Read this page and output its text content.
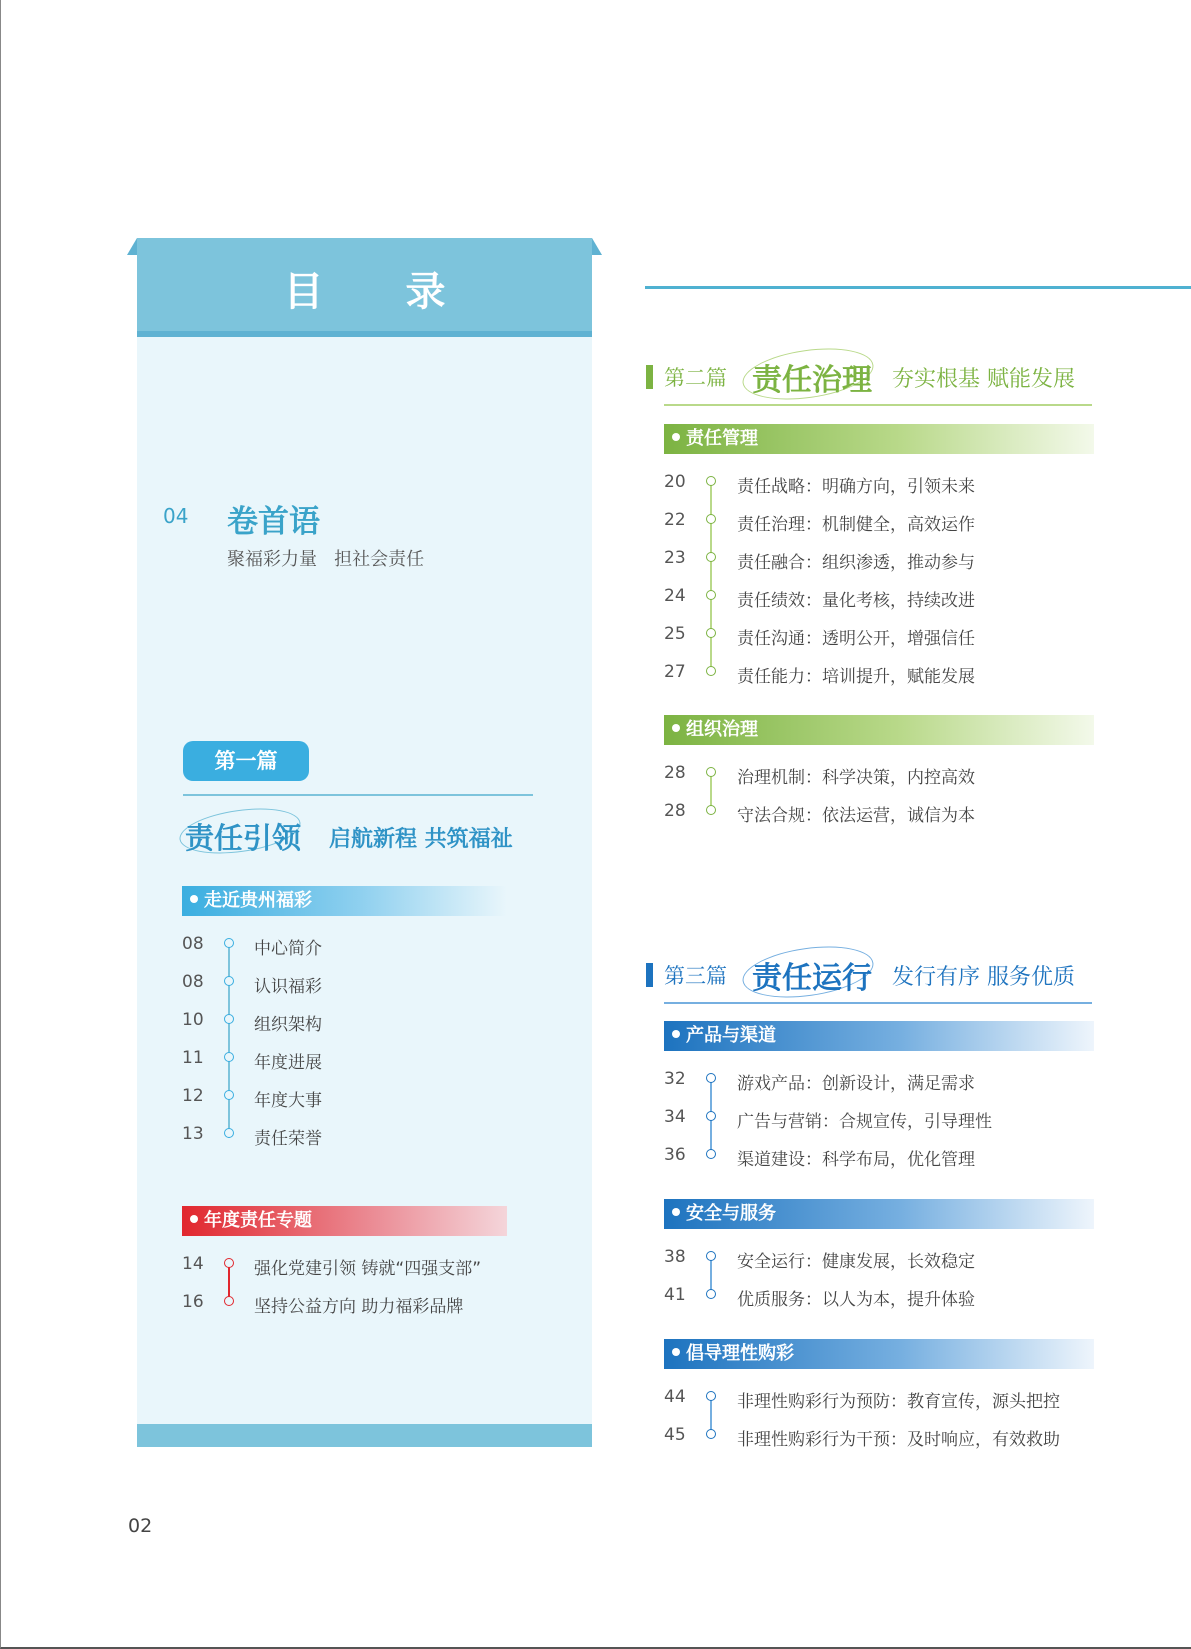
目 录
04 卷首语
聚福彩力量   担社会责任
第一篇
责任引领 启航新程 共筑福祉
走近贵州福彩
08	中心简介
08	认识福彩
10	组织架构
11	年度进展
12	年度大事
13	责任荣誉
年度责任专题
14	强化党建引领 铸就“四强支部”
16	坚持公益方向 助力福彩品牌
第二篇 责任治理 夯实根基 赋能发展
责任管理
20	责任战略：明确方向，引领未来
22	责任治理：机制健全，高效运作
23	责任融合：组织渗透，推动参与
24	责任绩效：量化考核，持续改进
25	责任沟通：透明公开，增强信任
27	责任能力：培训提升，赋能发展
组织治理
28	治理机制：科学决策，内控高效
28	守法合规：依法运营，诚信为本
第三篇 责任运行 发行有序 服务优质
产品与渠道
32	游戏产品：创新设计，满足需求
34	广告与营销：合规宣传，引导理性
36	渠道建设：科学布局，优化管理
安全与服务
38	安全运行：健康发展，长效稳定
41	优质服务：以人为本，提升体验
倡导理性购彩
44	非理性购彩行为预防：教育宣传，源头把控
45	非理性购彩行为干预：及时响应，有效救助
02
